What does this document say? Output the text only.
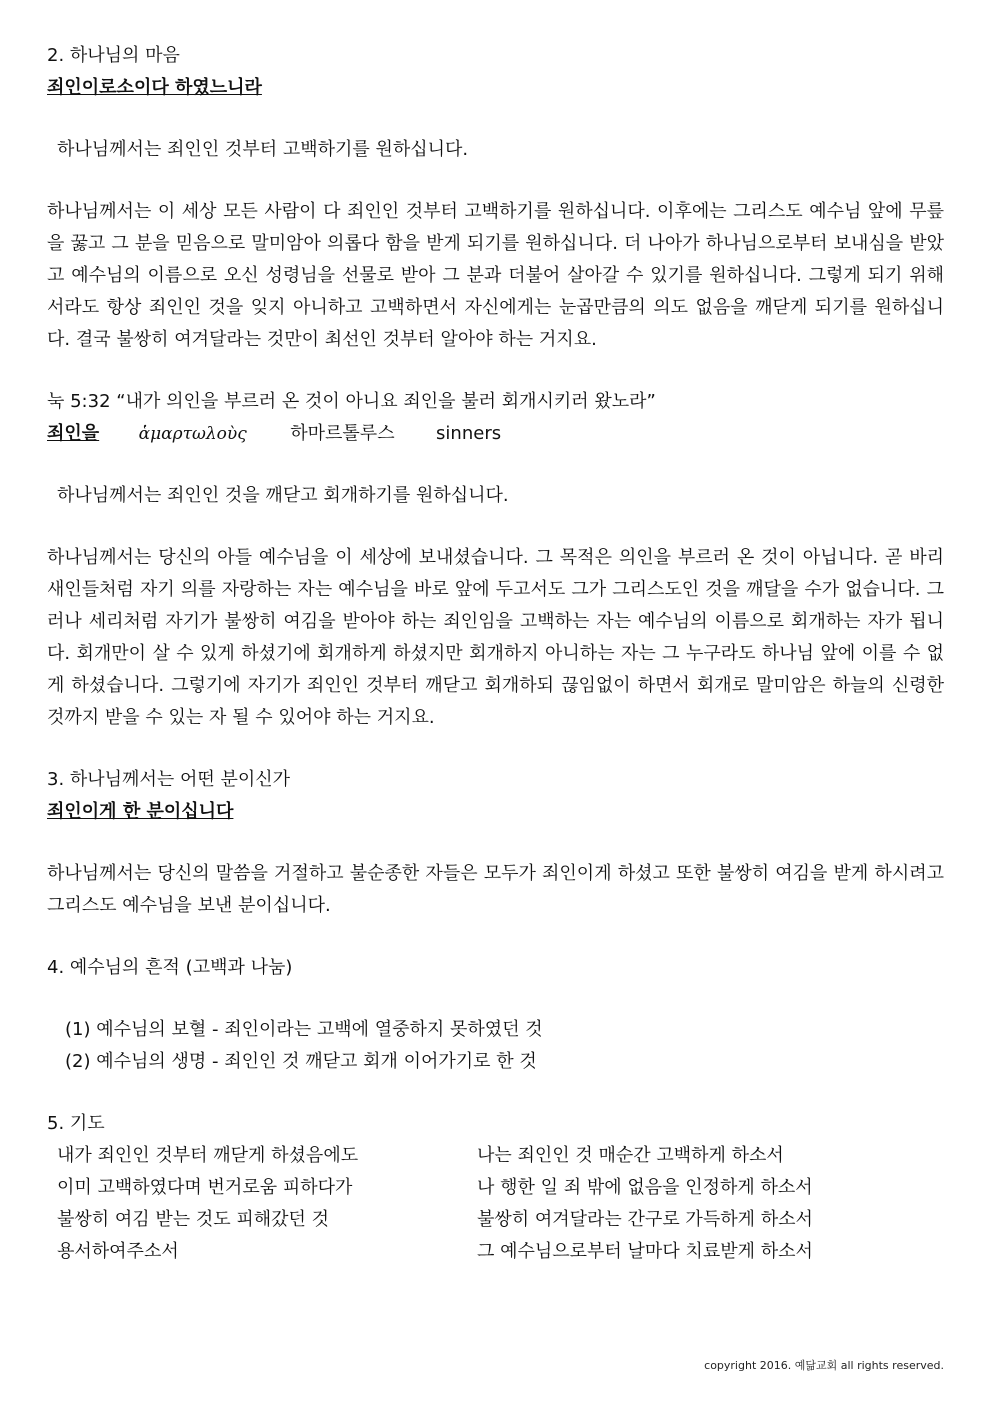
2. 하나님의 마음

죄인이로소이다 하였느니라

하나님께서는 죄인인 것부터 고백하기를 원하십니다.

하나님께서는 이 세상 모든 사람이 다 죄인인 것부터 고백하기를 원하십니다. 이후에는 그리스도 예수님 앞에 무릎을 꿇고 그 분을 믿음으로 말미암아 의롭다 함을 받게 되기를 원하십니다. 더 나아가 하나님으로부터 보내심을 받았고 예수님의 이름으로 오신 성령님을 선물로 받아 그 분과 더불어 살아갈 수 있기를 원하십니다. 그렇게 되기 위해서라도 항상 죄인인 것을 잊지 아니하고 고백하면서 자신에게는 눈곱만큼의 의도 없음을 깨닫게 되기를 원하십니다. 결국 불쌍히 여겨달라는 것만이 최선인 것부터 알아야 하는 거지요.

눅 5:32 “내가 의인을 부르러 온 것이 아니요 죄인을 불러 회개시키러 왔노라”

죄인을 ἁμαρτωλοὺς 하마르톨루스 sinners

하나님께서는 죄인인 것을 깨닫고 회개하기를 원하십니다.

하나님께서는 당신의 아들 예수님을 이 세상에 보내셨습니다. 그 목적은 의인을 부르러 온 것이 아닙니다. 곧 바리새인들처럼 자기 의를 자랑하는 자는 예수님을 바로 앞에 두고서도 그가 그리스도인 것을 깨달을 수가 없습니다. 그러나 세리처럼 자기가 불쌍히 여김을 받아야 하는 죄인임을 고백하는 자는 예수님의 이름으로 회개하는 자가 됩니다. 회개만이 살 수 있게 하셨기에 회개하게 하셨지만 회개하지 아니하는 자는 그 누구라도 하나님 앞에 이를 수 없게 하셨습니다. 그렇기에 자기가 죄인인 것부터 깨닫고 회개하되 끊임없이 하면서 회개로 말미암은 하늘의 신령한 것까지 받을 수 있는 자 될 수 있어야 하는 거지요.

3. 하나님께서는 어떤 분이신가

죄인이게 한 분이십니다

하나님께서는 당신의 말씀을 거절하고 불순종한 자들은 모두가 죄인이게 하셨고 또한 불쌍히 여김을 받게 하시려고 그리스도 예수님을 보낸 분이십니다.

4. 예수님의 흔적 (고백과 나눔)

(1) 예수님의 보혈 - 죄인이라는 고백에 열중하지 못하였던 것

(2) 예수님의 생명 - 죄인인 것 깨닫고 회개 이어가기로 한 것

5. 기도

내가 죄인인 것부터 깨닫게 하셨음에도	나는 죄인인 것 매순간 고백하게 하소서
이미 고백하였다며 번거로움 피하다가	나 행한 일 죄 밖에 없음을 인정하게 하소서
불쌍히 여김 받는 것도 피해갔던 것	불쌍히 여겨달라는 간구로 가득하게 하소서
용서하여주소서	그 예수님으로부터 날마다 치료받게 하소서
copyright 2016. 예닮교회 all rights reserved.
